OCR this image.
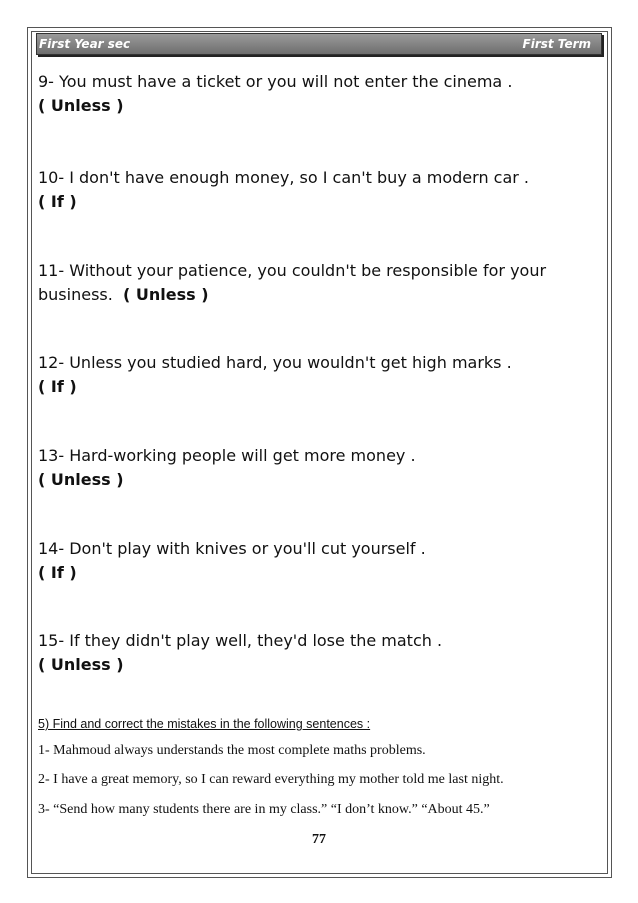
First Year sec	First Term
9- You must have a ticket or you will not enter the cinema .
( Unless )
10- I don't have enough money, so I can't buy a modern car .
( If )
11- Without your patience, you couldn't be responsible for your
business. ( Unless )
12- Unless you studied hard, you wouldn't get high marks .
( If )
13- Hard-working people will get more money .
( Unless )
14- Don't play with knives or you'll cut yourself .
( If )
15- If they didn't play well, they'd lose the match .
( Unless )
5) Find and correct the mistakes in the following sentences :
1- Mahmoud always understands the most complete maths problems.
2- I have a great memory, so I can reward everything my mother told me last night.
3- “Send how many students there are in my class.” “I don’t know.” “About 45.”
77
